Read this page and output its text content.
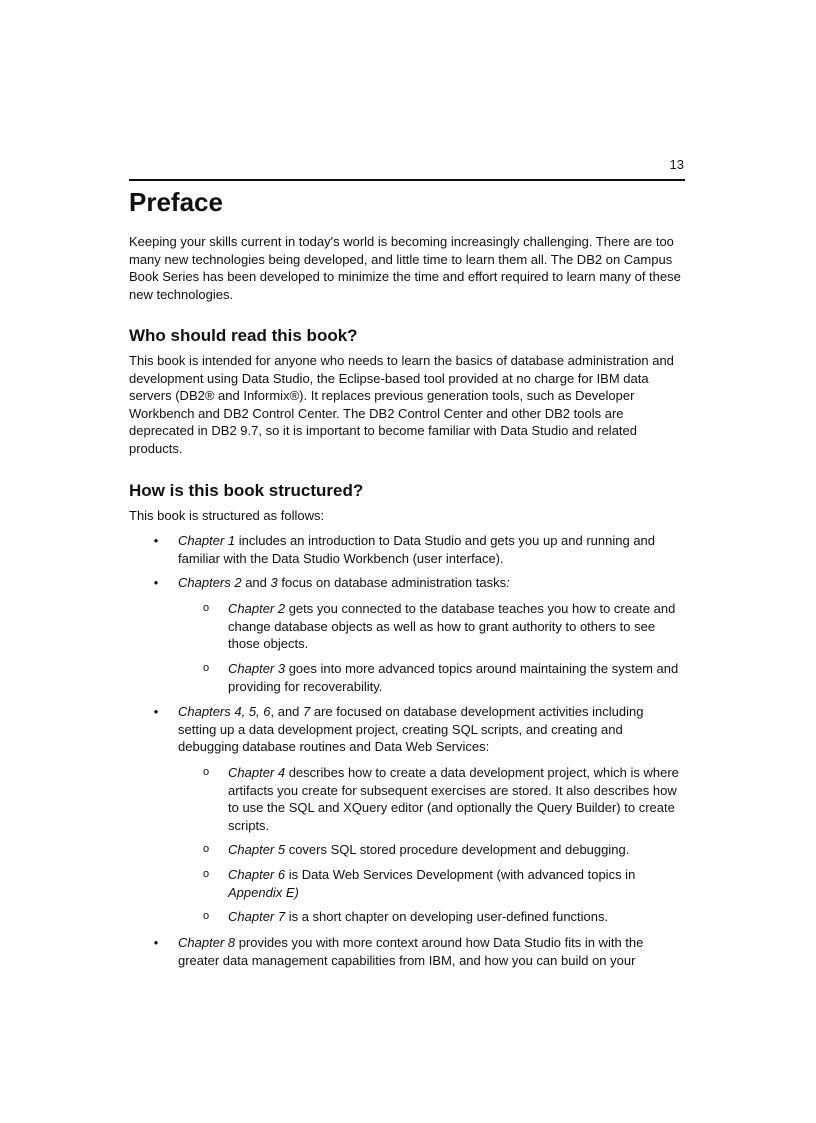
13
Preface

Keeping your skills current in today's world is becoming increasingly challenging. There are too many new technologies being developed, and little time to learn them all. The DB2 on Campus Book Series has been developed to minimize the time and effort required to learn many of these new technologies.

Who should read this book?

This book is intended for anyone who needs to learn the basics of database administration and development using Data Studio, the Eclipse-based tool provided at no charge for IBM data servers (DB2® and Informix®). It replaces previous generation tools, such as Developer Workbench and DB2 Control Center. The DB2 Control Center and other DB2 tools are deprecated in DB2 9.7, so it is important to become familiar with Data Studio and related products.

How is this book structured?

This book is structured as follows:

•	Chapter 1 includes an introduction to Data Studio and gets you up and running and familiar with the Data Studio Workbench (user interface).
•	Chapters 2 and 3 focus on database administration tasks:
o	Chapter 2 gets you connected to the database teaches you how to create and change database objects as well as how to grant authority to others to see those objects.
o	Chapter 3 goes into more advanced topics around maintaining the system and providing for recoverability.
•	Chapters 4, 5, 6, and 7 are focused on database development activities including setting up a data development project, creating SQL scripts, and creating and debugging database routines and Data Web Services:
o	Chapter 4 describes how to create a data development project, which is where artifacts you create for subsequent exercises are stored. It also describes how to use the SQL and XQuery editor (and optionally the Query Builder) to create scripts.
o	Chapter 5 covers SQL stored procedure development and debugging.
o	Chapter 6 is Data Web Services Development (with advanced topics in Appendix E)
o	Chapter 7 is a short chapter on developing user-defined functions.
•	Chapter 8 provides you with more context around how Data Studio fits in with the greater data management capabilities from IBM, and how you can build on your
